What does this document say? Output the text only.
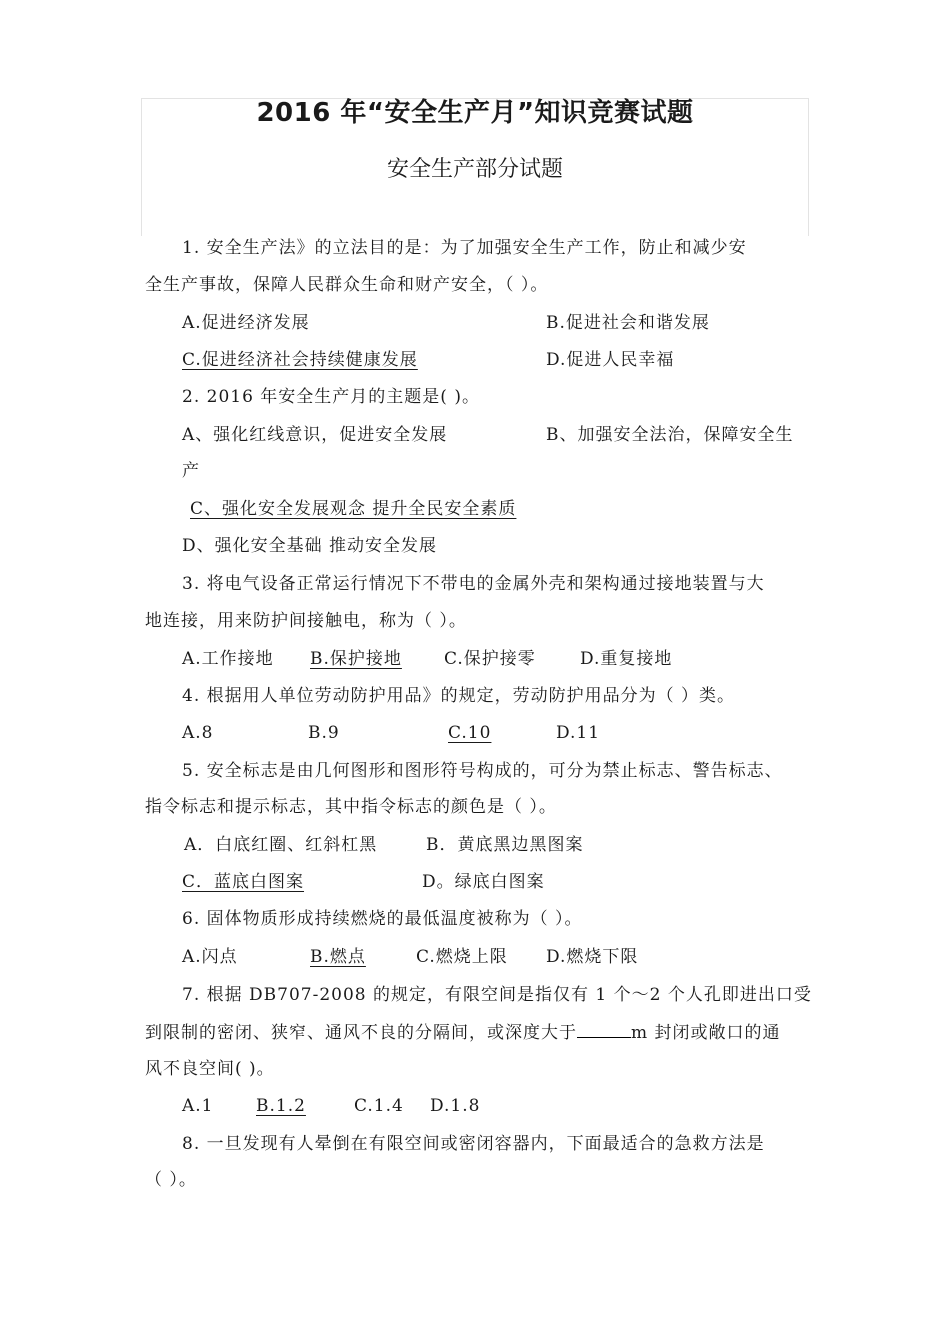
2016 年“安全生产月”知识竞赛试题
安全生产部分试题
1. 安全生产法》的立法目的是：为了加强安全生产工作，防止和减少安
全生产事故，保障人民群众生命和财产安全，（ ）。
A.促进经济发展	B.促进社会和谐发展
C.促进经济社会持续健康发展	D.促进人民幸福
2. 2016 年安全生产月的主题是( )。
A、强化红线意识，促进安全发展	B、加强安全法治，保障安全生
产
C、强化安全发展观念 提升全民安全素质
D、强化安全基础 推动安全发展
3. 将电气设备正常运行情况下不带电的金属外壳和架构通过接地装置与大
地连接，用来防护间接触电，称为（ ）。
A.工作接地 B.保护接地 C.保护接零	D.重复接地
4. 根据用人单位劳动防护用品》的规定，劳动防护用品分为（ ）类。
A.8	B.9	C.10	D.11
5. 安全标志是由几何图形和图形符号构成的，可分为禁止标志、警告标志、
指令标志和提示标志，其中指令标志的颜色是（ ）。
A．白底红圈、红斜杠黑	B．黄底黑边黑图案
C．蓝底白图案	D。绿底白图案
6. 固体物质形成持续燃烧的最低温度被称为（ ）。
A.闪点	B.燃点	C.燃烧上限 D.燃烧下限
7. 根据 DB707-2008 的规定，有限空间是指仅有 1 个～2 个人孔即进出口受
到限制的密闭、狭窄、通风不良的分隔间，或深度大于	m 封闭或敞口的通
风不良空间( )。
A.1	B.1.2	C.1.4 D.1.8
8. 一旦发现有人晕倒在有限空间或密闭容器内，下面最适合的急救方法是
（ ）。
